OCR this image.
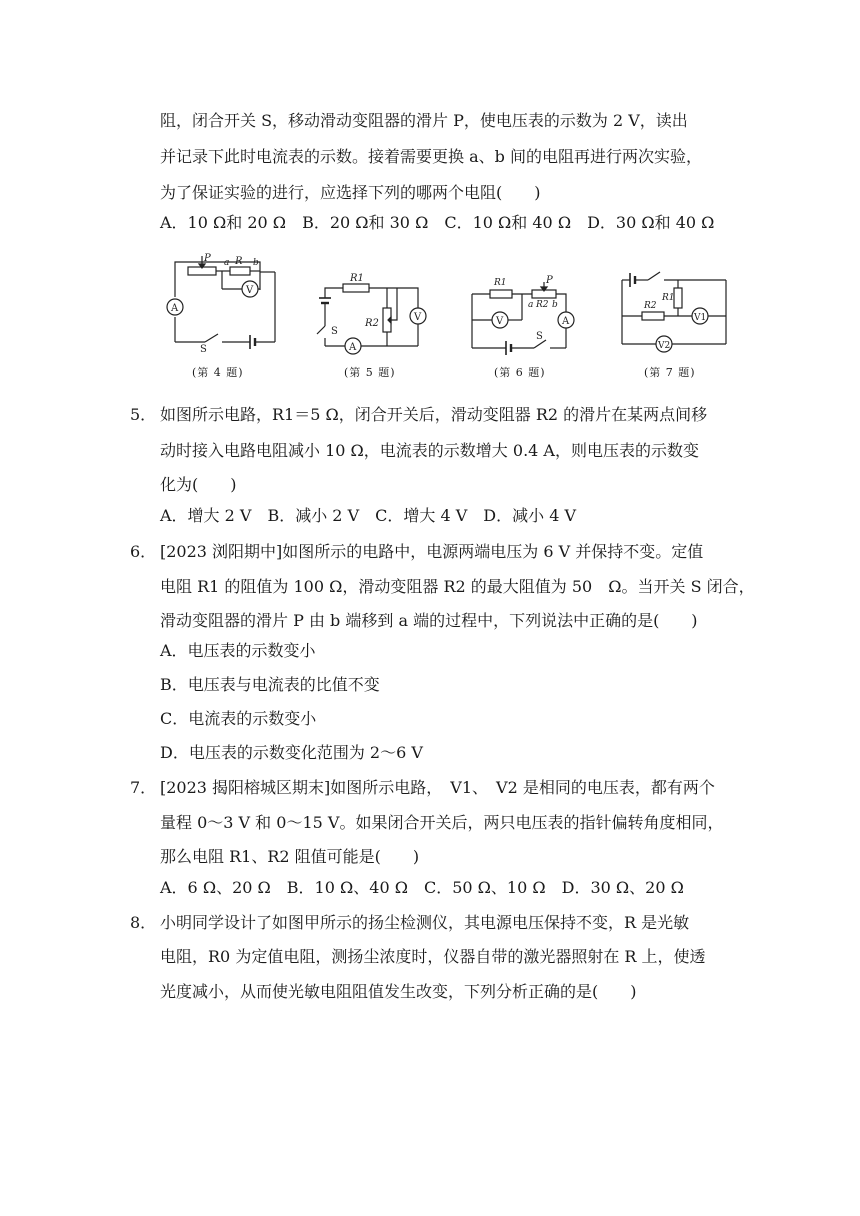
阻，闭合开关 S，移动滑动变阻器的滑片 P，使电压表的示数为 2 V，读出
并记录下此时电流表的示数。接着需要更换 a、b 间的电阻再进行两次实验，
为了保证实验的进行，应选择下列的哪两个电阻(　　)
A．10 Ω和 20 Ω　B．20 Ω和 30 Ω　C．10 Ω和 40 Ω　D．30 Ω和 40 Ω
P a R b
V
A
S
(第 4 题)
R1
R2
V
A
S
(第 5 题)
R1	P
a R2 b
V	A
S
(第 6 题)
R1
R2
V1
V2
(第 7 题)
5． 如图所示电路，R1＝5 Ω，闭合开关后，滑动变阻器 R2 的滑片在某两点间移
动时接入电路电阻减小 10 Ω，电流表的示数增大 0.4 A，则电压表的示数变
化为(　　)
A．增大 2 V　B．减小 2 V　C．增大 4 V　D．减小 4 V
6． [2023 浏阳期中]如图所示的电路中，电源两端电压为 6 V 并保持不变。定值
电阻 R1 的阻值为 100 Ω，滑动变阻器 R2 的最大阻值为 50　Ω。当开关 S 闭合，
滑动变阻器的滑片 P 由 b 端移到 a 端的过程中，下列说法中正确的是(　　)
A．电压表的示数变小
B．电压表与电流表的比值不变
C．电流表的示数变小
D．电压表的示数变化范围为 2～6 V
7． [2023 揭阳榕城区期末]如图所示电路，　V1、　V2 是相同的电压表，都有两个
量程 0～3 V 和 0～15 V。如果闭合开关后，两只电压表的指针偏转角度相同，
那么电阻 R1、R2 阻值可能是(　　)
A．6 Ω、20 Ω　B．10 Ω、40 Ω　C．50 Ω、10 Ω　D．30 Ω、20 Ω
8． 小明同学设计了如图甲所示的扬尘检测仪，其电源电压保持不变，R 是光敏
电阻，R0 为定值电阻，测扬尘浓度时，仪器自带的激光器照射在 R 上，使透
光度减小，从而使光敏电阻阻值发生改变，下列分析正确的是(　　)
